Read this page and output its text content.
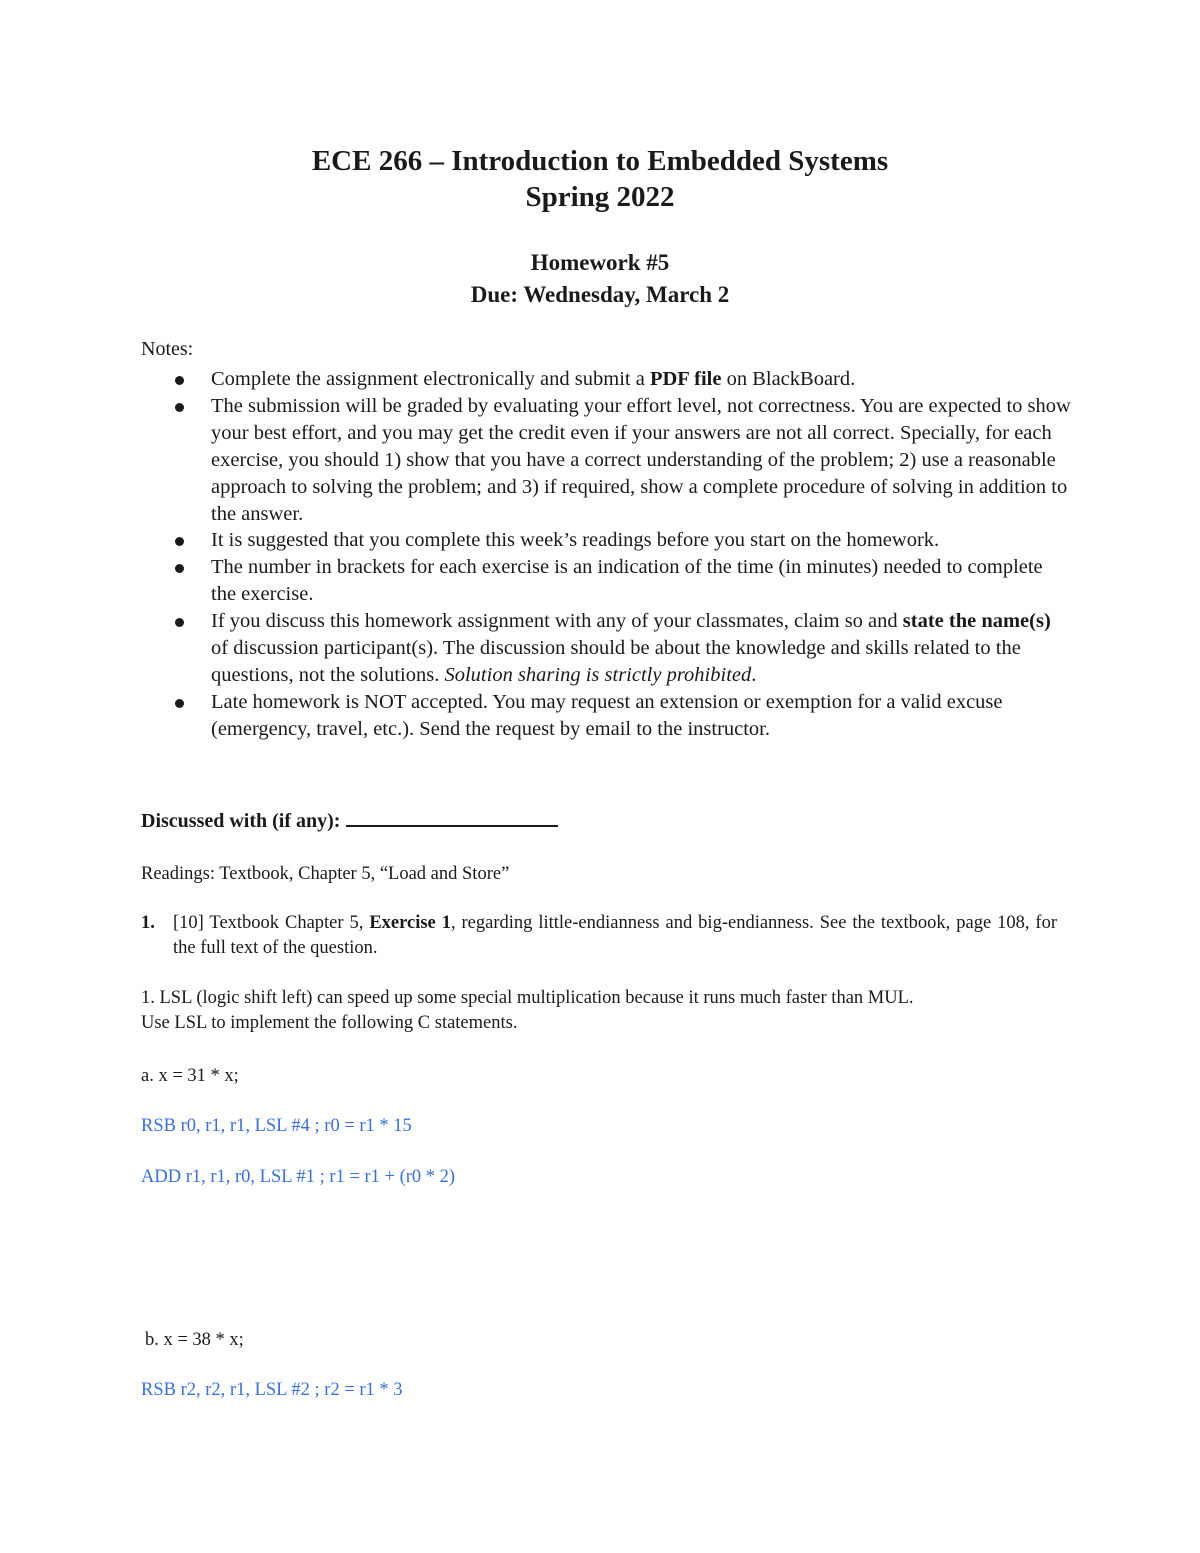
ECE 266 – Introduction to Embedded Systems
Spring 2022
Homework #5
Due: Wednesday, March 2
Notes:
Complete the assignment electronically and submit a PDF file on BlackBoard.
The submission will be graded by evaluating your effort level, not correctness. You are expected to show your best effort, and you may get the credit even if your answers are not all correct. Specially, for each exercise, you should 1) show that you have a correct understanding of the problem; 2) use a reasonable approach to solving the problem; and 3) if required, show a complete procedure of solving in addition to the answer.
It is suggested that you complete this week’s readings before you start on the homework.
The number in brackets for each exercise is an indication of the time (in minutes) needed to complete the exercise.
If you discuss this homework assignment with any of your classmates, claim so and state the name(s) of discussion participant(s). The discussion should be about the knowledge and skills related to the questions, not the solutions. Solution sharing is strictly prohibited.
Late homework is NOT accepted. You may request an extension or exemption for a valid excuse (emergency, travel, etc.). Send the request by email to the instructor.
Discussed with (if any):
Readings: Textbook, Chapter 5, “Load and Store”
1. [10] Textbook Chapter 5, Exercise 1, regarding little-endianness and big-endianness. See the textbook, page 108, for the full text of the question.
1. LSL (logic shift left) can speed up some special multiplication because it runs much faster than MUL.
Use LSL to implement the following C statements.
a. x = 31 * x;
RSB r0, r1, r1, LSL #4 ; r0 = r1 * 15
ADD r1, r1, r0, LSL #1 ; r1 = r1 + (r0 * 2)
b. x = 38 * x;
RSB r2, r2, r1, LSL #2 ; r2 = r1 * 3
